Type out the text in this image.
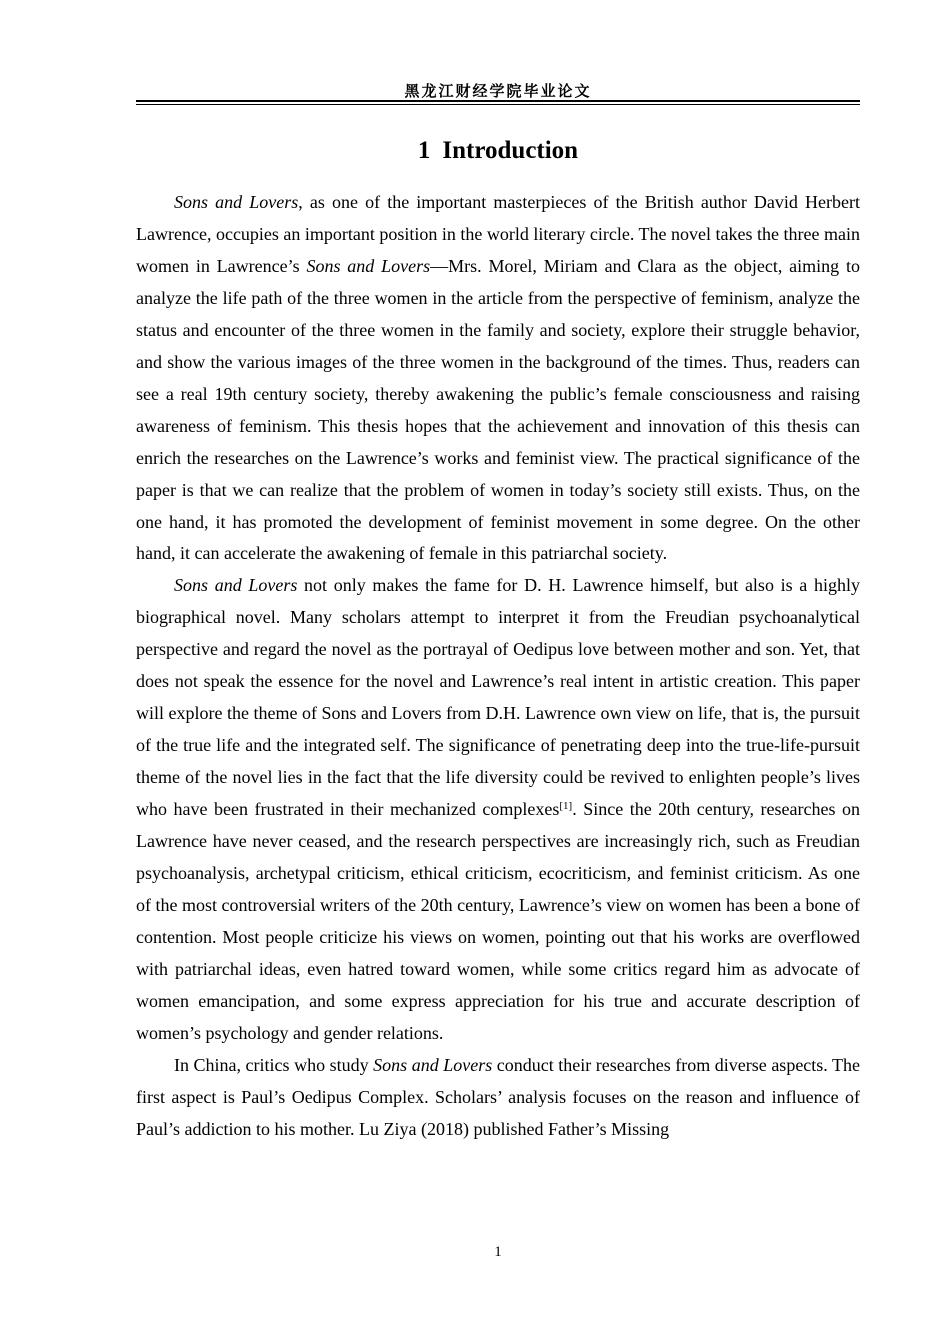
黑龙江财经学院毕业论文
1 Introduction

Sons and Lovers, as one of the important masterpieces of the British author David Herbert Lawrence, occupies an important position in the world literary circle. The novel takes the three main women in Lawrence’s Sons and Lovers—Mrs. Morel, Miriam and Clara as the object, aiming to analyze the life path of the three women in the article from the perspective of feminism, analyze the status and encounter of the three women in the family and society, explore their struggle behavior, and show the various images of the three women in the background of the times. Thus, readers can see a real 19th century society, thereby awakening the public’s female consciousness and raising awareness of feminism. This thesis hopes that the achievement and innovation of this thesis can enrich the researches on the Lawrence’s works and feminist view. The practical significance of the paper is that we can realize that the problem of women in today’s society still exists. Thus, on the one hand, it has promoted the development of feminist movement in some degree. On the other hand, it can accelerate the awakening of female in this patriarchal society.

Sons and Lovers not only makes the fame for D. H. Lawrence himself, but also is a highly biographical novel. Many scholars attempt to interpret it from the Freudian psychoanalytical perspective and regard the novel as the portrayal of Oedipus love between mother and son. Yet, that does not speak the essence for the novel and Lawrence’s real intent in artistic creation. This paper will explore the theme of Sons and Lovers from D.H. Lawrence own view on life, that is, the pursuit of the true life and the integrated self. The significance of penetrating deep into the true-life-pursuit theme of the novel lies in the fact that the life diversity could be revived to enlighten people’s lives who have been frustrated in their mechanized complexes[1]. Since the 20th century, researches on Lawrence have never ceased, and the research perspectives are increasingly rich, such as Freudian psychoanalysis, archetypal criticism, ethical criticism, ecocriticism, and feminist criticism. As one of the most controversial writers of the 20th century, Lawrence’s view on women has been a bone of contention. Most people criticize his views on women, pointing out that his works are overflowed with patriarchal ideas, even hatred toward women, while some critics regard him as advocate of women emancipation, and some express appreciation for his true and accurate description of women’s psychology and gender relations.

In China, critics who study Sons and Lovers conduct their researches from diverse aspects. The first aspect is Paul’s Oedipus Complex. Scholars’ analysis focuses on the reason and influence of Paul’s addiction to his mother. Lu Ziya (2018) published Father’s Missing

1
